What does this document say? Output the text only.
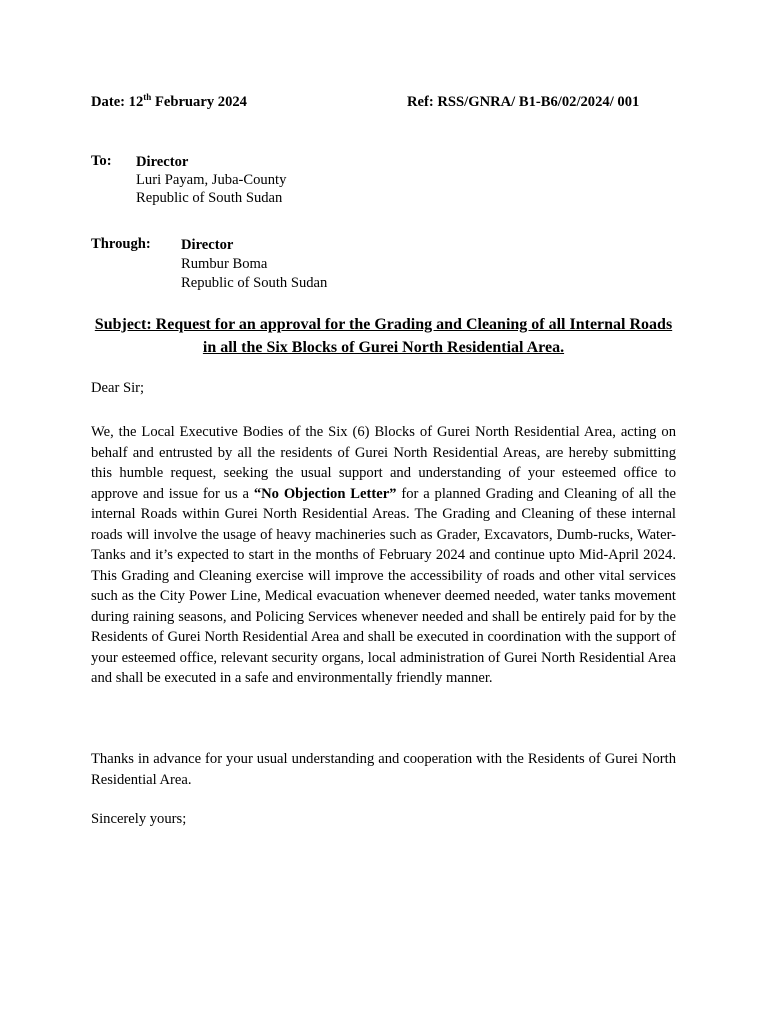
Date: 12th February 2024	Ref: RSS/GNRA/ B1-B6/02/2024/ 001
To: Director
Luri Payam, Juba-County
Republic of South Sudan
Through: Director
Rumbur Boma
Republic of South Sudan
Subject: Request for an approval for the Grading and Cleaning of all Internal Roads in all the Six Blocks of Gurei North Residential Area.
Dear Sir;
We, the Local Executive Bodies of the Six (6) Blocks of Gurei North Residential Area, acting on behalf and entrusted by all the residents of Gurei North Residential Areas, are hereby submitting this humble request, seeking the usual support and understanding of your esteemed office to approve and issue for us a “No Objection Letter” for a planned Grading and Cleaning of all the internal Roads within Gurei North Residential Areas. The Grading and Cleaning of these internal roads will involve the usage of heavy machineries such as Grader, Excavators, Dumb-rucks, Water-Tanks and it’s expected to start in the months of February 2024 and continue upto Mid-April 2024. This Grading and Cleaning exercise will improve the accessibility of roads and other vital services such as the City Power Line, Medical evacuation whenever deemed needed, water tanks movement during raining seasons, and Policing Services whenever needed and shall be entirely paid for by the Residents of Gurei North Residential Area and shall be executed in coordination with the support of your esteemed office, relevant security organs, local administration of Gurei North Residential Area and shall be executed in a safe and environmentally friendly manner.
Thanks in advance for your usual understanding and cooperation with the Residents of Gurei North Residential Area.
Sincerely yours;
